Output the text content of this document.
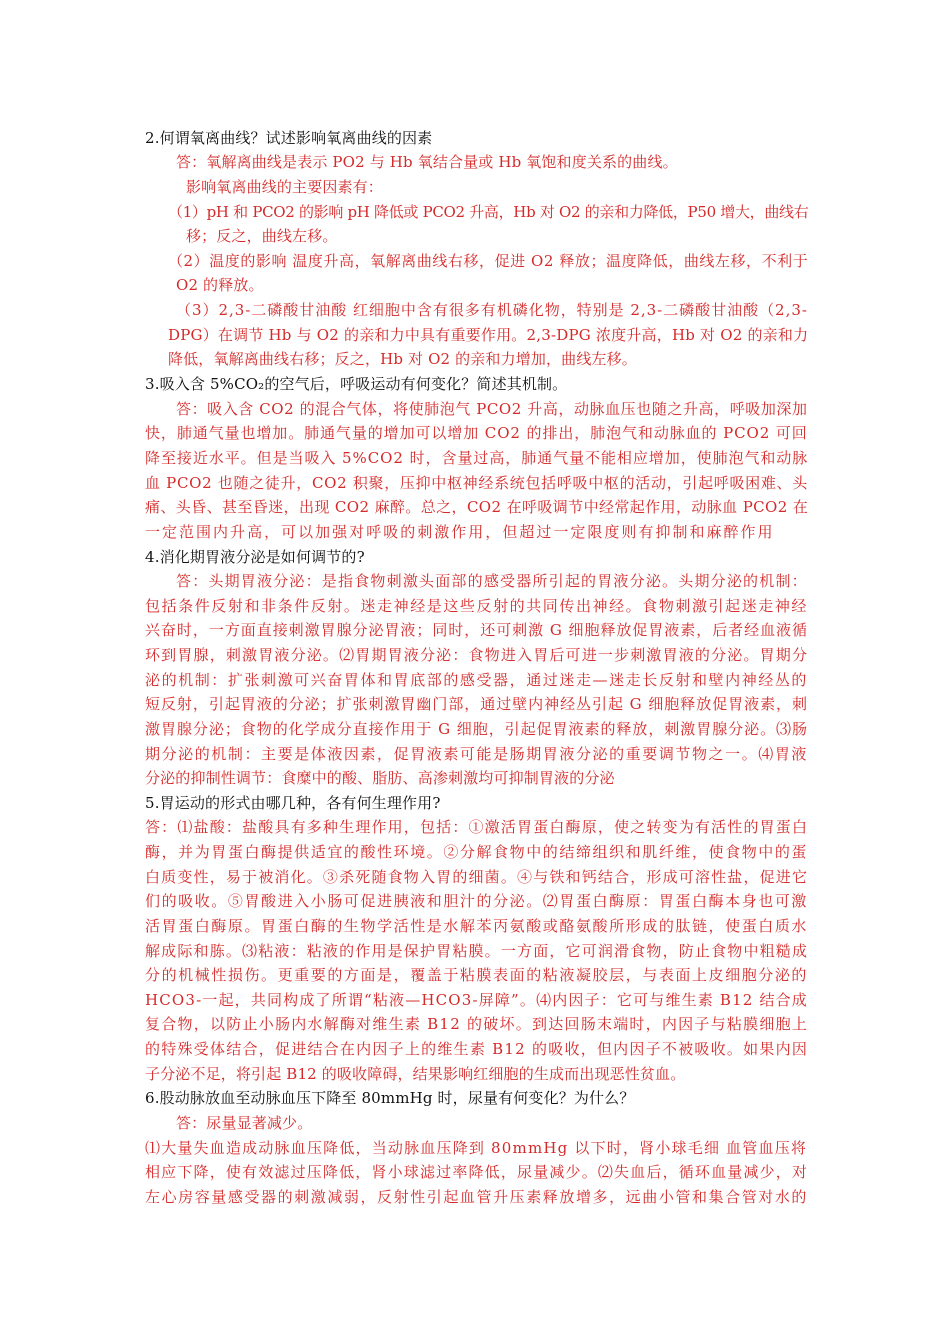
2.何谓氧离曲线？试述影响氧离曲线的因素
答：氧解离曲线是表示 PO2 与 Hb 氧结合量或 Hb 氧饱和度关系的曲线。
影响氧离曲线的主要因素有：
（1）pH 和 PCO2 的影响 pH 降低或 PCO2 升高，Hb 对 O2 的亲和力降低，P50 增大，曲线右
移；反之，曲线左移。
（2）温度的影响 温度升高，氧解离曲线右移，促进 O2 释放；温度降低，曲线左移，不利于
O2 的释放。
（3）2,3-二磷酸甘油酸 红细胞中含有很多有机磷化物，特别是 2,3-二磷酸甘油酸（2,3-
DPG）在调节 Hb 与 O2 的亲和力中具有重要作用。2,3-DPG 浓度升高，Hb 对 O2 的亲和力
降低，氧解离曲线右移；反之，Hb 对 O2 的亲和力增加，曲线左移。
3.吸入含 5%CO₂的空气后，呼吸运动有何变化？简述其机制。
答：吸入含 CO2 的混合气体，将使肺泡气 PCO2 升高，动脉血压也随之升高，呼吸加深加
快，肺通气量也增加。肺通气量的增加可以增加 CO2 的排出，肺泡气和动脉血的 PCO2 可回
降至接近水平。但是当吸入 5%CO2 时，含量过高，肺通气量不能相应增加，使肺泡气和动脉
血 PCO2 也随之徒升，CO2 积聚，压抑中枢神经系统包括呼吸中枢的活动，引起呼吸困难、头
痛、头昏、甚至昏迷，出现 CO2 麻醉。总之，CO2 在呼吸调节中经常起作用，动脉血 PCO2 在
一定范围内升高，可以加强对呼吸的刺激作用，但超过一定限度则有抑制和麻醉作用
4.消化期胃液分泌是如何调节的?
答：头期胃液分泌：是指食物刺激头面部的感受器所引起的胃液分泌。头期分泌的机制：
包括条件反射和非条件反射。迷走神经是这些反射的共同传出神经。食物刺激引起迷走神经
兴奋时，一方面直接刺激胃腺分泌胃液；同时，还可刺激 G 细胞释放促胃液素，后者经血液循
环到胃腺，刺激胃液分泌。⑵胃期胃液分泌：食物进入胃后可进一步刺激胃液的分泌。胃期分
泌的机制：扩张刺激可兴奋胃体和胃底部的感受器，通过迷走—迷走长反射和壁内神经丛的
短反射，引起胃液的分泌；扩张刺激胃幽门部，通过壁内神经丛引起 G 细胞释放促胃液素，刺
激胃腺分泌；食物的化学成分直接作用于 G 细胞，引起促胃液素的释放，刺激胃腺分泌。⑶肠
期分泌的机制：主要是体液因素，促胃液素可能是肠期胃液分泌的重要调节物之一。⑷胃液
分泌的抑制性调节：食糜中的酸、脂肪、高渗刺激均可抑制胃液的分泌
5.胃运动的形式由哪几种，各有何生理作用?
答：⑴盐酸：盐酸具有多种生理作用，包括：①激活胃蛋白酶原，使之转变为有活性的胃蛋白
酶，并为胃蛋白酶提供适宜的酸性环境。②分解食物中的结缔组织和肌纤维，使食物中的蛋
白质变性，易于被消化。③杀死随食物入胃的细菌。④与铁和钙结合，形成可溶性盐，促进它
们的吸收。⑤胃酸进入小肠可促进胰液和胆汁的分泌。⑵胃蛋白酶原：胃蛋白酶本身也可激
活胃蛋白酶原。胃蛋白酶的生物学活性是水解苯丙氨酸或酪氨酸所形成的肽链，使蛋白质水
解成际和胨。⑶粘液：粘液的作用是保护胃粘膜。一方面，它可润滑食物，防止食物中粗糙成
分的机械性损伤。更重要的方面是，覆盖于粘膜表面的粘液凝胶层，与表面上皮细胞分泌的
HCO3-一起，共同构成了所谓“粘液—HCO3-屏障”。⑷内因子：它可与维生素 B12 结合成
复合物，以防止小肠内水解酶对维生素 B12 的破坏。到达回肠末端时，内因子与粘膜细胞上
的特殊受体结合，促进结合在内因子上的维生素 B12 的吸收，但内因子不被吸收。如果内因
子分泌不足，将引起 B12 的吸收障碍，结果影响红细胞的生成而出现恶性贫血。
6.股动脉放血至动脉血压下降至 80mmHg 时，尿量有何变化？为什么？
答：尿量显著减少。
⑴大量失血造成动脉血压降低，当动脉血压降到 80mmHg 以下时，肾小球毛细 血管血压将
相应下降，使有效滤过压降低，肾小球滤过率降低，尿量减少。⑵失血后，循环血量减少，对
左心房容量感受器的刺激减弱，反射性引起血管升压素释放增多，远曲小管和集合管对水的
